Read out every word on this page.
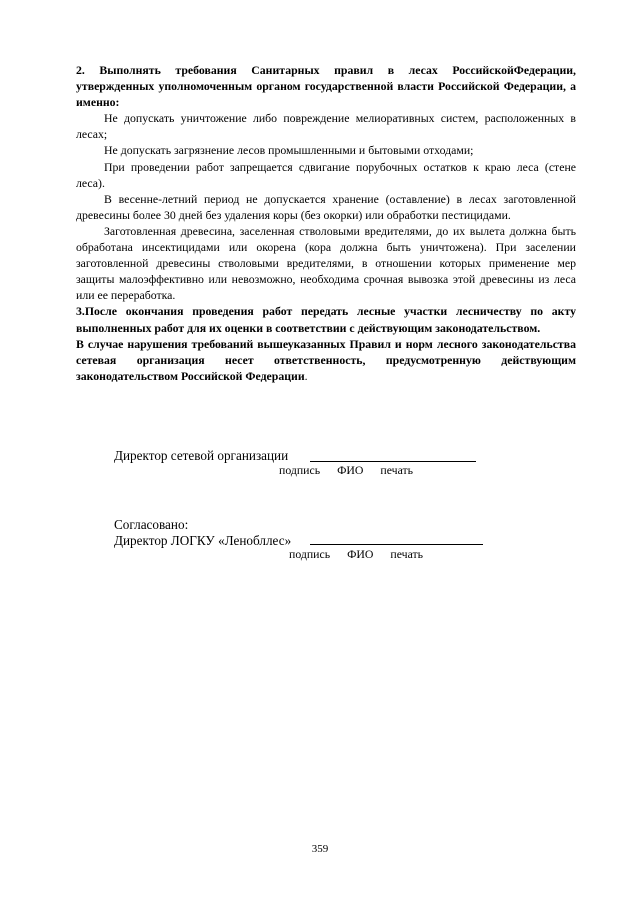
2. Выполнять требования Санитарных правил в лесах РоссийскойФедерации, утвержденных уполномоченным органом государственной власти Российской Федерации, а именно:

Не допускать уничтожение либо повреждение мелиоративных систем, расположенных в лесах;

Не допускать загрязнение лесов промышленными и бытовыми отходами;

При проведении работ запрещается сдвигание порубочных остатков к краю леса (стене леса).

В весенне-летний период не допускается хранение (оставление) в лесах заготовленной древесины более 30 дней без удаления коры (без окорки) или обработки пестицидами.

Заготовленная древесина, заселенная стволовыми вредителями, до их вылета должна быть обработана инсектицидами или окорена (кора должна быть уничтожена). При заселении заготовленной древесины стволовыми вредителями, в отношении которых применение мер защиты малоэффективно или невозможно, необходима срочная вывозка этой древесины из леса или ее переработка.

3.После окончания проведения работ передать лесные участки лесничеству по акту выполненных работ для их оценки в соответствии с действующим законодательством.

В случае нарушения требований вышеуказанных Правил и норм лесного законодательства сетевая организация несет ответственность, предусмотренную действующим законодательством Российской Федерации.

Директор сетевой организации
подпись ФИО печать
Согласовано:
Директор ЛОГКУ «Ленобллес»
подпись ФИО печать
359
